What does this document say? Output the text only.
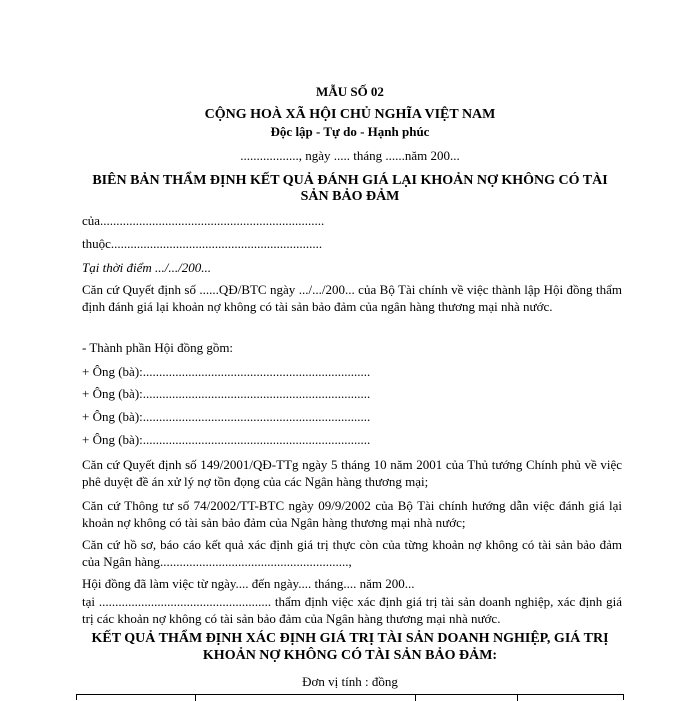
MẪU SỐ 02
CỘNG HOÀ XÃ HỘI CHỦ NGHĨA VIỆT NAM
Độc lập - Tự do - Hạnh phúc
.................., ngày ..... tháng ......năm 200...
BIÊN BẢN THẨM ĐỊNH KẾT QUẢ ĐÁNH GIÁ LẠI KHOẢN NỢ KHÔNG CÓ TÀI
SẢN BẢO ĐẢM
của.....................................................................
thuộc.................................................................
Tại thời điểm .../.../200...
Căn cứ Quyết định số ......QĐ/BTC ngày .../.../200... của Bộ Tài chính về việc thành lập Hội đồng thẩm định đánh giá lại khoản nợ không có tài sản bảo đảm của ngân hàng thương mại nhà nước.
- Thành phần Hội đồng gồm:
+ Ông (bà):......................................................................
+ Ông (bà):......................................................................
+ Ông (bà):......................................................................
+ Ông (bà):......................................................................
Căn cứ Quyết định số 149/2001/QĐ-TTg ngày 5 tháng 10 năm 2001 của Thủ tướng Chính phủ về việc phê duyệt đề án xử lý nợ tồn đọng của các Ngân hàng thương mại;
Căn cứ Thông tư số 74/2002/TT-BTC ngày 09/9/2002 của Bộ Tài chính hướng dẫn việc đánh giá lại khoản nợ không có tài sản bảo đảm của Ngân hàng thương mại nhà nước;
Căn cứ hồ sơ, báo cáo kết quả xác định giá trị thực còn của từng khoản nợ không có tài sản bảo đảm của Ngân hàng..........................................................,
Hội đồng đã làm việc từ ngày.... đến ngày.... tháng.... năm 200...
tại ..................................................... thẩm định việc xác định giá trị tài sản doanh nghiệp, xác định giá trị các khoản nợ không có tài sản bảo đảm của Ngân hàng thương mại nhà nước.
KẾT QUẢ THẨM ĐỊNH XÁC ĐỊNH GIÁ TRỊ TÀI SẢN DOANH NGHIỆP, GIÁ TRỊ
KHOẢN NỢ KHÔNG CÓ TÀI SẢN BẢO ĐẢM:
Đơn vị tính : đồng
